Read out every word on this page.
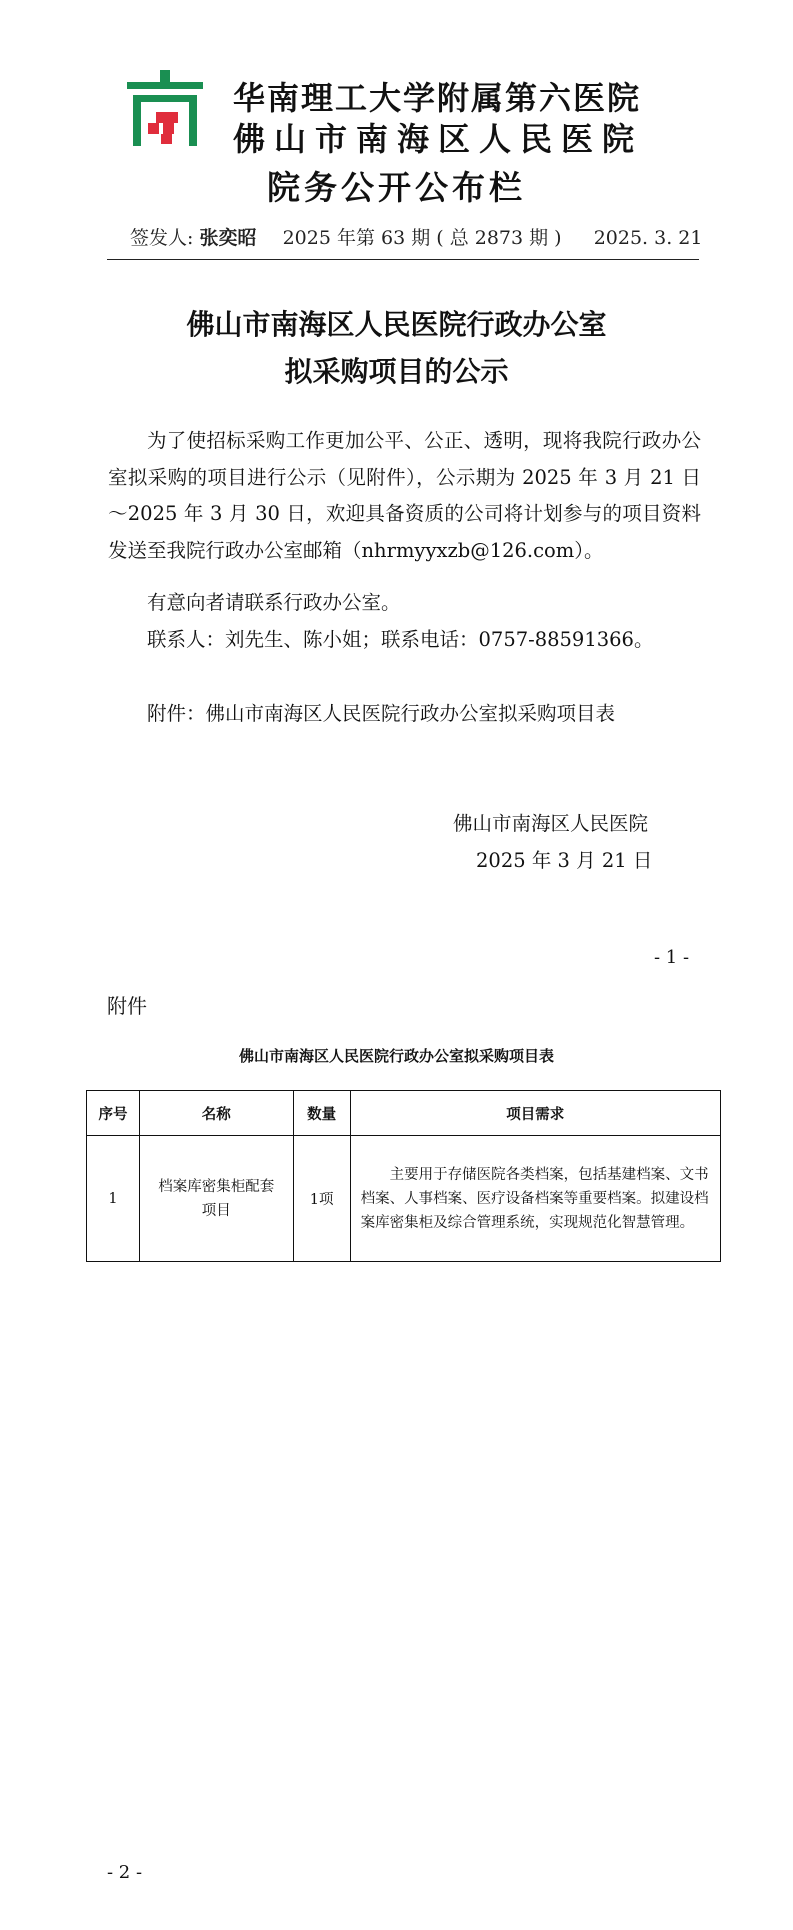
华南理工大学附属第六医院
佛山市南海区人民医院
院务公开公布栏
签发人: 张奕昭 2025 年第 63 期 ( 总 2873 期 ) 2025. 3. 21
佛山市南海区人民医院行政办公室
拟采购项目的公示
为了使招标采购工作更加公平、公正、透明，现将我院行政办公室拟采购的项目进行公示（见附件），公示期为 2025 年 3 月 21 日～2025 年 3 月 30 日，欢迎具备资质的公司将计划参与的项目资料发送至我院行政办公室邮箱（nhrmyyxzb@126.com）。
有意向者请联系行政办公室。
联系人：刘先生、陈小姐；联系电话：0757-88591366。
附件：佛山市南海区人民医院行政办公室拟采购项目表
佛山市南海区人民医院
2025 年 3 月 21 日
- 1 -
附件
佛山市南海区人民医院行政办公室拟采购项目表
序号	名称	数量	项目需求
1	档案库密集柜配套项目	1项	主要用于存储医院各类档案，包括基建档案、文书档案、人事档案、医疗设备档案等重要档案。拟建设档案库密集柜及综合管理系统，实现规范化智慧管理。
- 2 -
